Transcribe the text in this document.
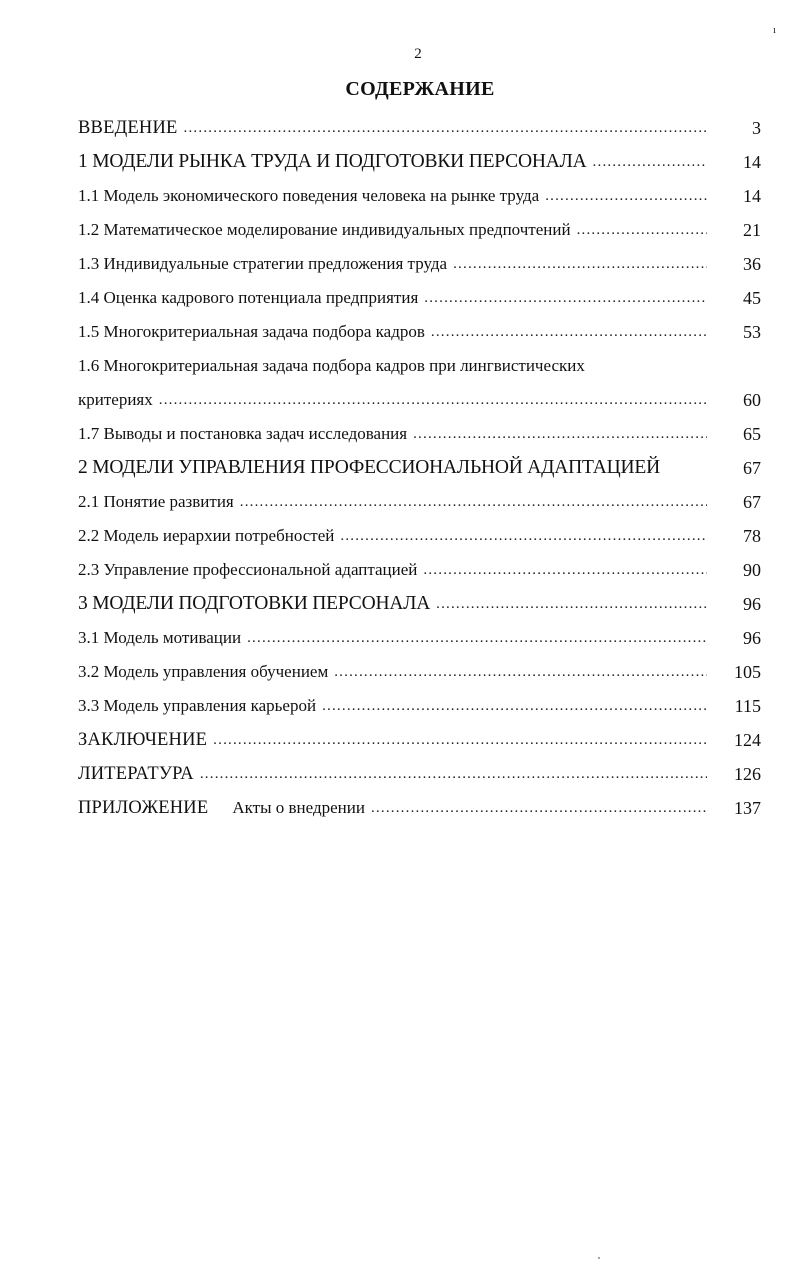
2
ı
СОДЕРЖАНИЕ
ВВЕДЕНИЕ .....	3
1 МОДЕЛИ РЫНКА ТРУДА И ПОДГОТОВКИ ПЕРСОНАЛА .....	14
1.1 Модель экономического поведения человека на рынке труда .....	14
1.2 Математическое моделирование индивидуальных предпочтений .....	21
1.3 Индивидуальные стратегии предложения труда .....	36
1.4 Оценка кадрового потенциала предприятия .....	45
1.5 Многокритериальная задача подбора кадров .....	53
1.6 Многокритериальная задача подбора кадров при лингвистических
критериях .....	60
1.7 Выводы и постановка задач исследования .....	65
2 МОДЕЛИ УПРАВЛЕНИЯ ПРОФЕССИОНАЛЬНОЙ АДАПТАЦИЕЙ	67
2.1 Понятие развития .....	67
2.2 Модель иерархии потребностей .....	78
2.3 Управление профессиональной адаптацией .....	90
3 МОДЕЛИ ПОДГОТОВКИ ПЕРСОНАЛА .....	96
3.1 Модель мотивации .....	96
3.2 Модель управления обучением .....	105
3.3 Модель управления карьерой .....	115
ЗАКЛЮЧЕНИЕ .....	124
ЛИТЕРАТУРА .....	126
ПРИЛОЖЕНИЕ	Акты о внедрении .....	137
